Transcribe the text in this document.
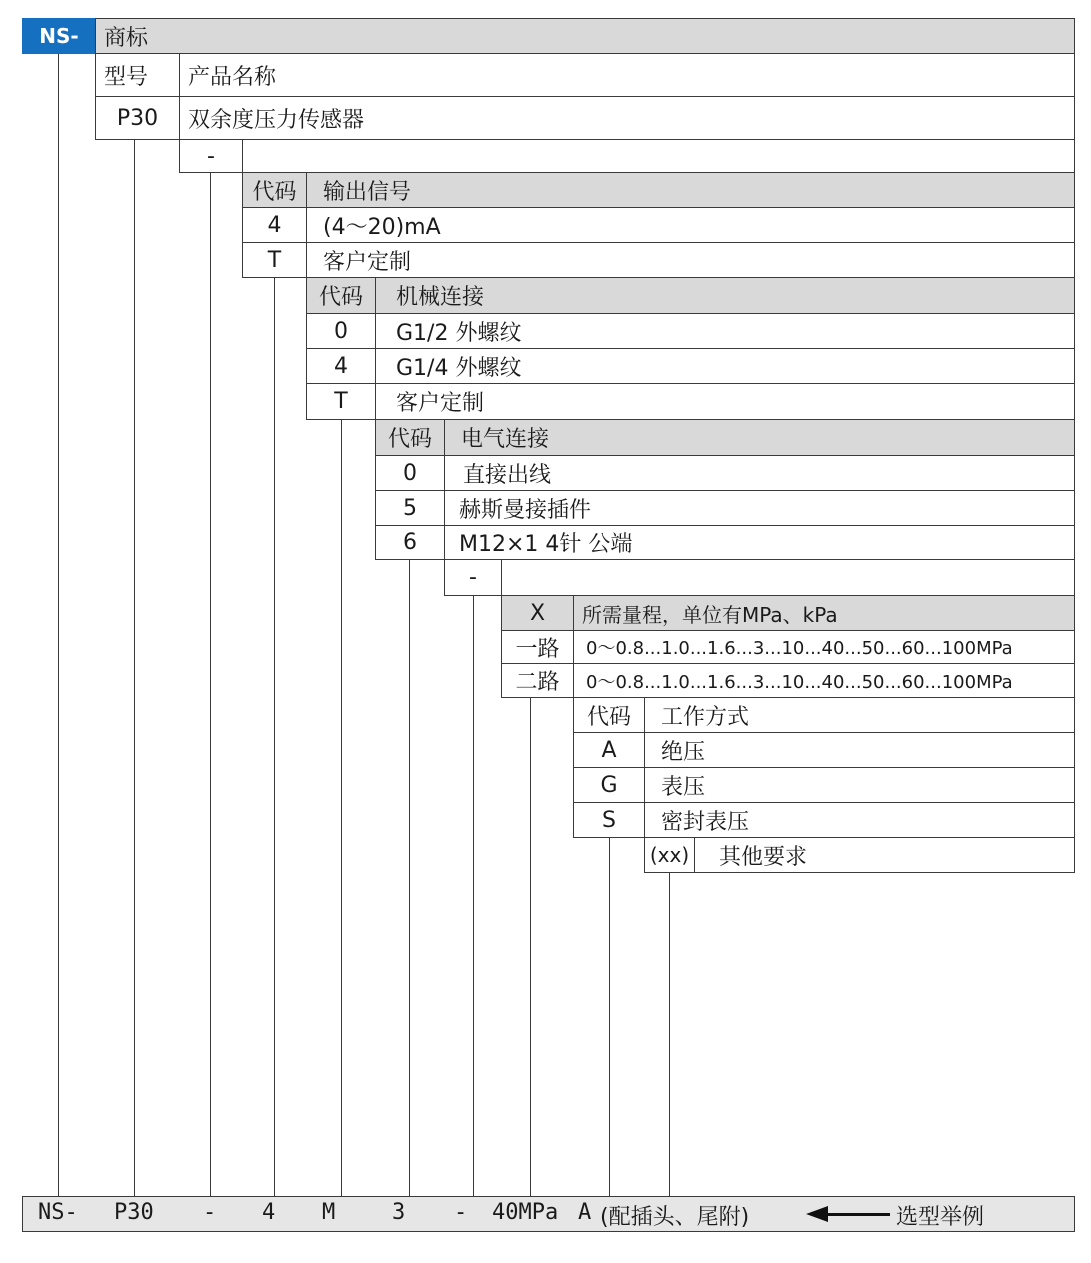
NS-	商标
型号	产品名称
P30	双余度压力传感器
-
代码	输出信号
4	(4～20)mA
T	客户定制
代码	机械连接
0	G1/2 外螺纹
4	G1/4 外螺纹
T	客户定制
代码	电气连接
0	直接出线
5	赫斯曼接插件
6	M12×1 4针 公端
-
X	所需量程，单位有MPa、kPa
一路	0～0.8...1.0...1.6...3...10...40...50...60...100MPa
二路	0～0.8...1.0...1.6...3...10...40...50...60...100MPa
代码	工作方式
A	绝压
G	表压
S	密封表压
(xx)	其他要求
NS- P30 - 4 M	3 - 40MPa A (配插头、尾附)	选型举例
